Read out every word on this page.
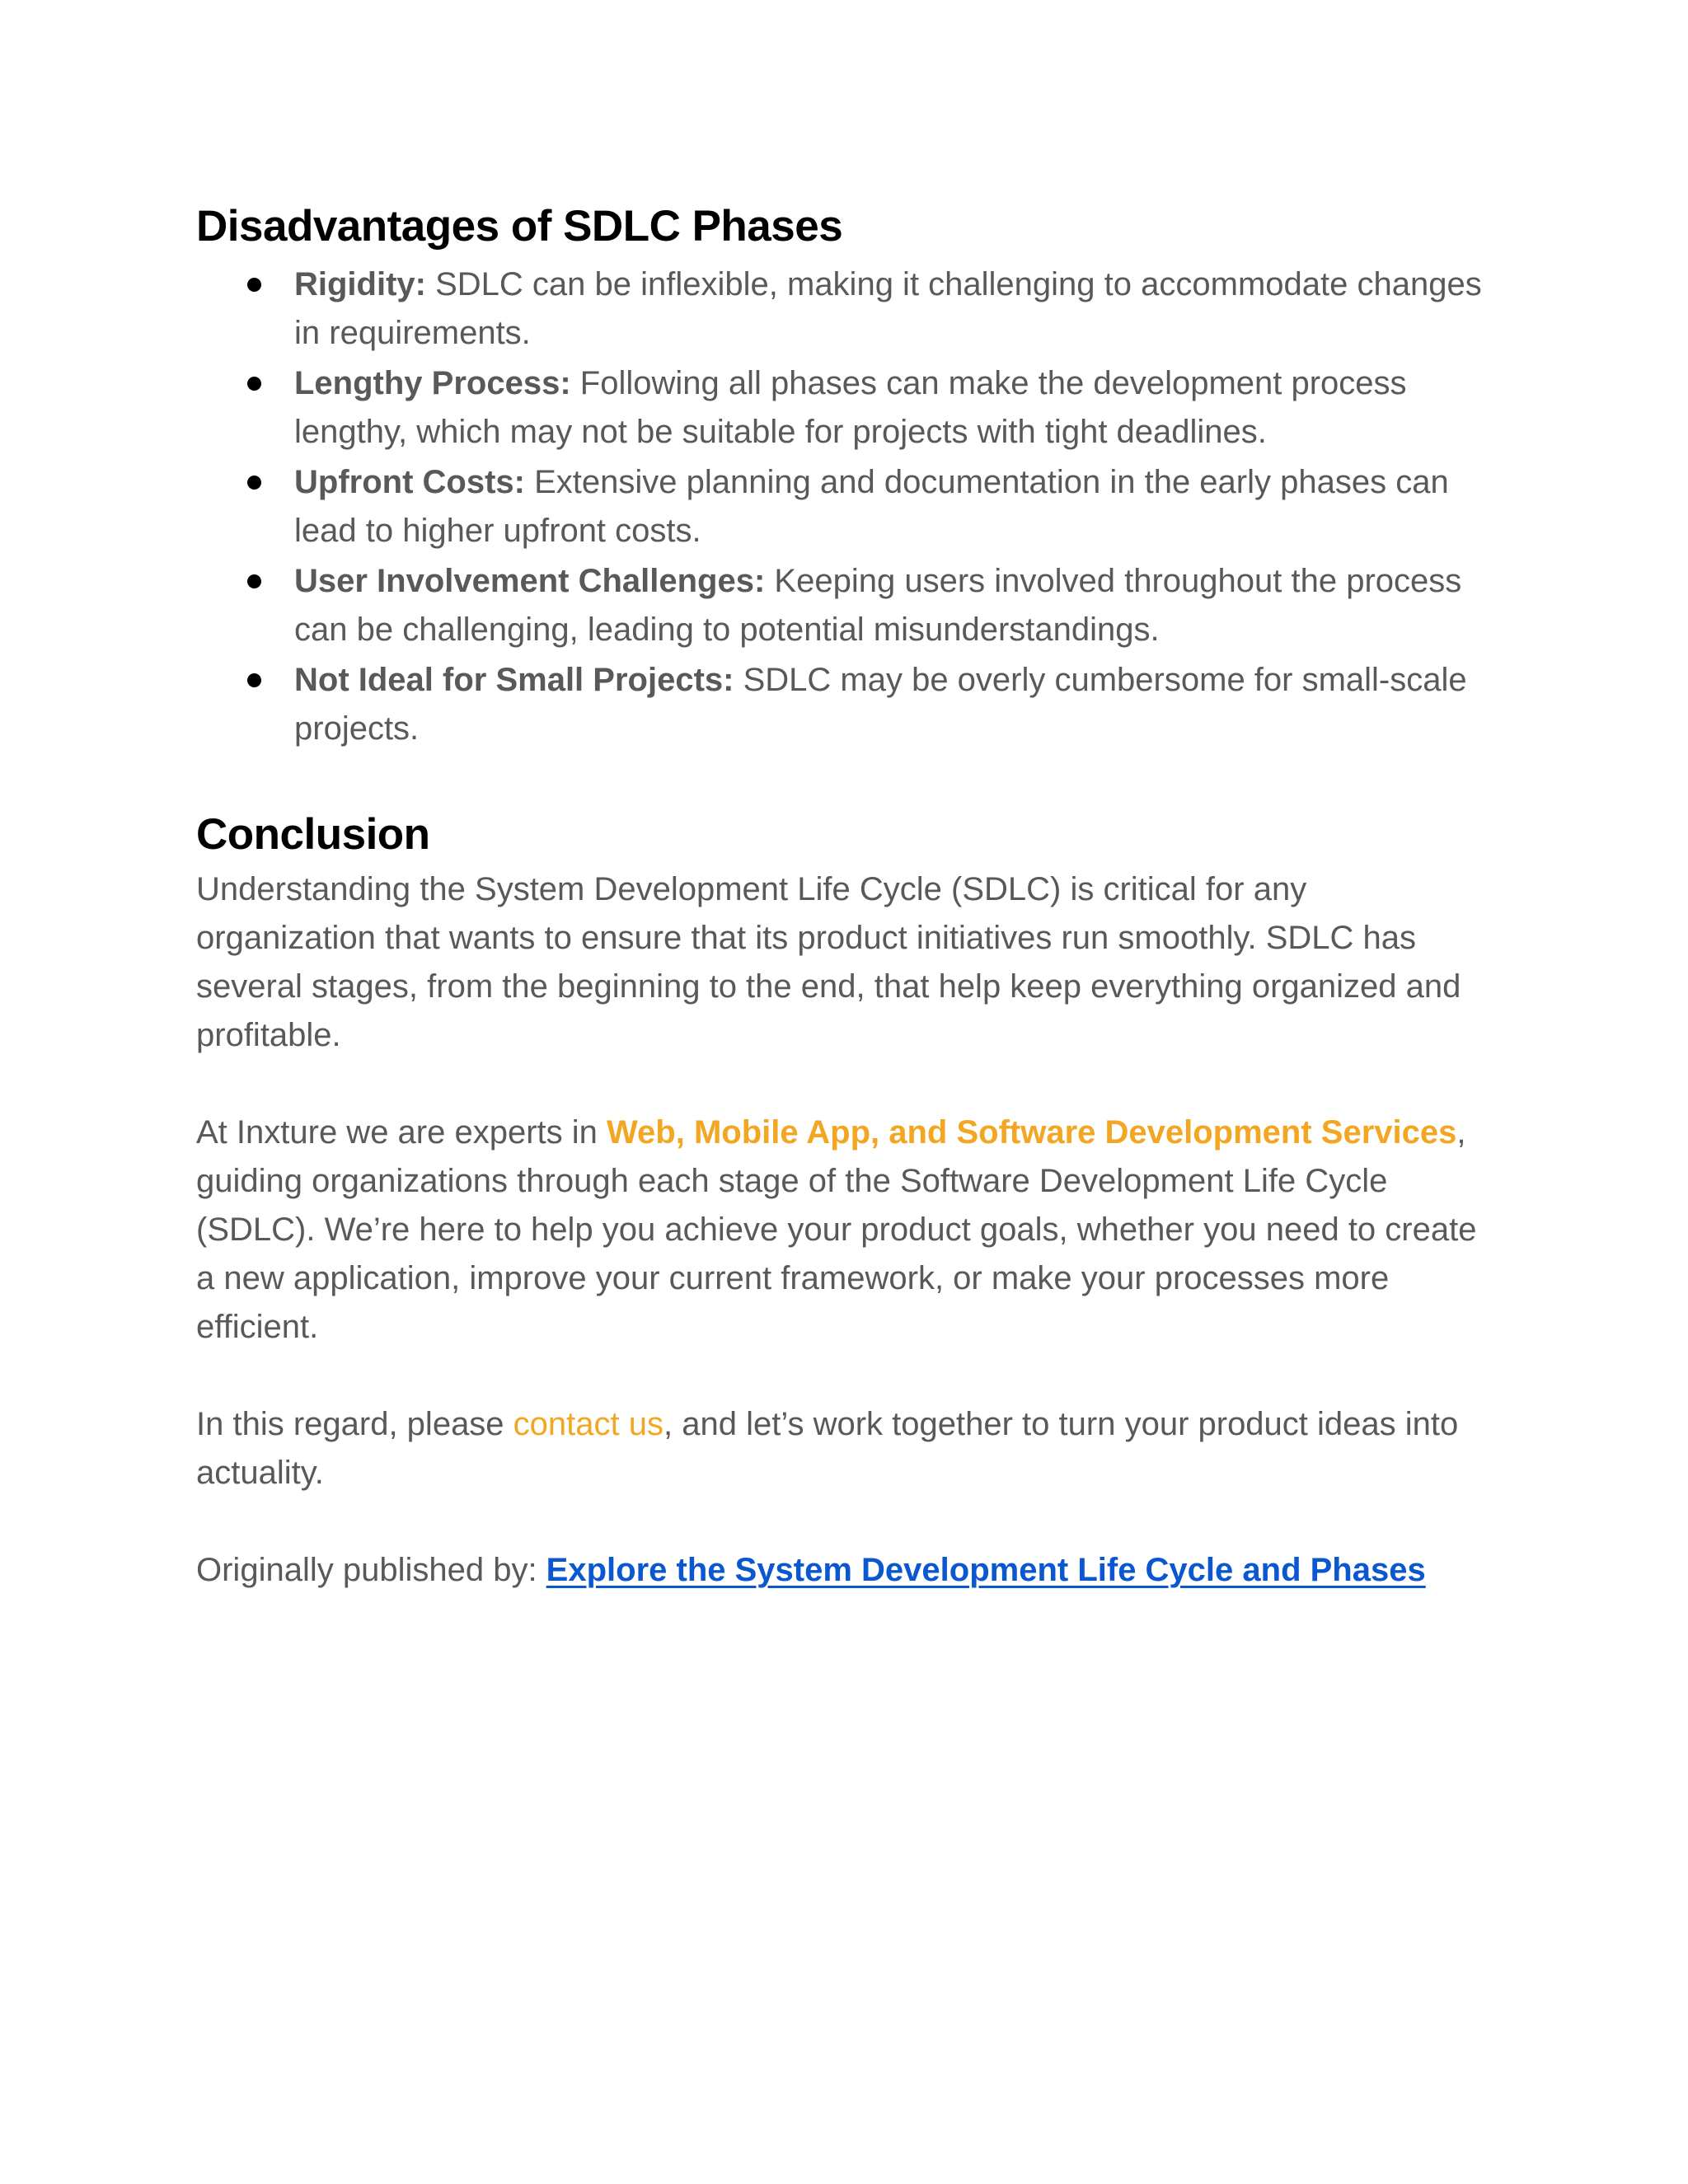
Disadvantages of SDLC Phases
Rigidity: SDLC can be inflexible, making it challenging to accommodate changes in requirements.
Lengthy Process: Following all phases can make the development process lengthy, which may not be suitable for projects with tight deadlines.
Upfront Costs: Extensive planning and documentation in the early phases can lead to higher upfront costs.
User Involvement Challenges: Keeping users involved throughout the process can be challenging, leading to potential misunderstandings.
Not Ideal for Small Projects: SDLC may be overly cumbersome for small-scale projects.
Conclusion

Understanding the System Development Life Cycle (SDLC) is critical for any organization that wants to ensure that its product initiatives run smoothly. SDLC has several stages, from the beginning to the end, that help keep everything organized and profitable.

At Inxture we are experts in Web, Mobile App, and Software Development Services, guiding organizations through each stage of the Software Development Life Cycle (SDLC). We’re here to help you achieve your product goals, whether you need to create a new application, improve your current framework, or make your processes more efficient.

In this regard, please contact us, and let’s work together to turn your product ideas into actuality.

Originally published by: Explore the System Development Life Cycle and Phases
